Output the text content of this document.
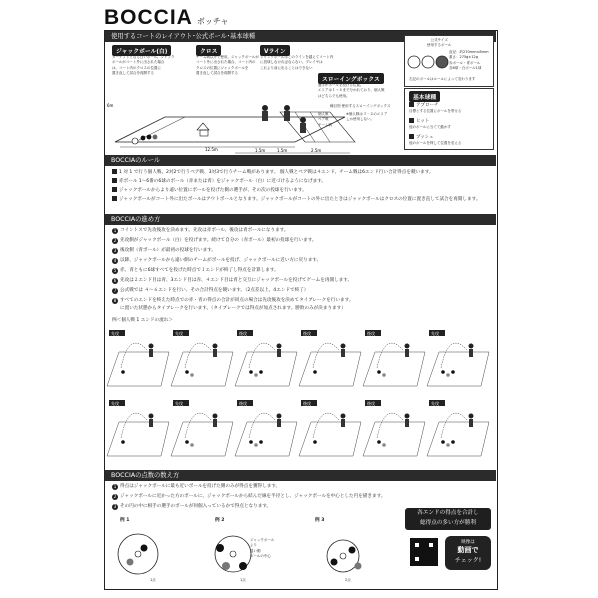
BOCCIA ボッチャ
使用するコートのレイアウト･公式ボール･基本球種
6m
12.5m	1.5m	1.5m	2.5m
ジャックボール(白)
ターゲットとなる白いボール。ジャック
ボールがコート外に出された場合
は、コート内のクロスの位置に
置き直して試合を再開する
クロス
チーム戦以外で使用。ジャックボールが
コート外に出された場合、コート内の
クロスの位置にジャックボールを
置き直して試合を再開する
Vライン
ジャックボールはこのラインを越えてコート内
に投球しなければならない。プレイヤは
これより前に出ることはできない
スローイングボックス
選手がボールを投げる位置。
エリアは１～６まで分かれており、個人戦
はどちらでも使用。
種目別 使用するスローイングボックス
※個人戦は３・４のエリア
しか使用しない。
個人戦
ペア戦
チーム戦
公式サイズ
使用するボール
直径：約270mm±8mm
重さ：275g±12g
赤ボール・青ボール
各6球・白ボール1球
左記のボールはルールによって変わります
基本球種
アプローチ
目標とする位置にボールを寄せる
ヒット
他のボールに当てて動かす
プッシュ
他のボールを押して位置を変える
BOCCIAのルール
1 対 1 で行う個人戦、2対2で行うペア戦、3対3で行うチーム戦があります。 個人戦とペア戦は４エンド、チーム戦は6エンド行い合計得点を競います。
赤ボール 1～6番の6球のボール（赤または青）をジャックボール（白）に近づけるようになげます。
ジャックボールからより遠い位置にボールを投げた側の選手が、その次の投球を行います。
ジャックボールがコート外に出たボールはアウトボールとなります。ジャックボールがコートの外に出たときはジャックボールはクロスの位置に置き直して試合を再開します。
BOCCIAの進め方
1 コイントスで先攻後攻を決めます。先攻は赤ボール、後攻は青ボールになります。
2 先攻側がジャックボール（白）を投げます。続けて自分の（赤ボール）最初の投球を行います。
3 後攻側（青ボール）が最初の投球を行います。
4 以降、ジャックボールから遠い側のチームがボールを投げ、ジャックボールに近い方に戻ります。
5 赤、青ともに6球すべてを投げた時点で１エンドが終了し得点を計算します。
6 先攻は２エンド目は青、3エンド目は赤、４エンド目は青と交互にジャックボールを投げてゲームを再開します。
7 公式戦では ４～６エンドを行い、その合計得点を競います。（2点差以上、4エンドで終了）
8 すべてのエンドを終えた時点での赤・青の得点の合計が同点の場合は先攻後攻を決めてタイブレークを行います。
に置いた状態からタイブレークを行います。（タイブレークでは得点が加点されます。勝敗のみが決まります）
例＜個人戦 1 エンドの流れ＞
先攻	先攻	後攻	後攻	後攻	先攻
先攻	先攻	後攻	後攻	後攻	先攻
BOCCIAの点数の数え方
1 得点はジャックボールに最も近いボールを投げた側のみが得点を獲得します。
2 ジャックボールに近かった方のボールに、ジャックボールから結んだ線を半径とし、ジャックボールを中心とした円を描きます。
3 その円の中に相手の選手のボールが何個入っているかで得点となります。
例 1	例 2	例 3
ジャックボール
より
遠い側
ボールの中心
1点	1点	2点
各エンドの得点を合計し
総得点の多い方が勝利
映像は
動画で
チェック!
